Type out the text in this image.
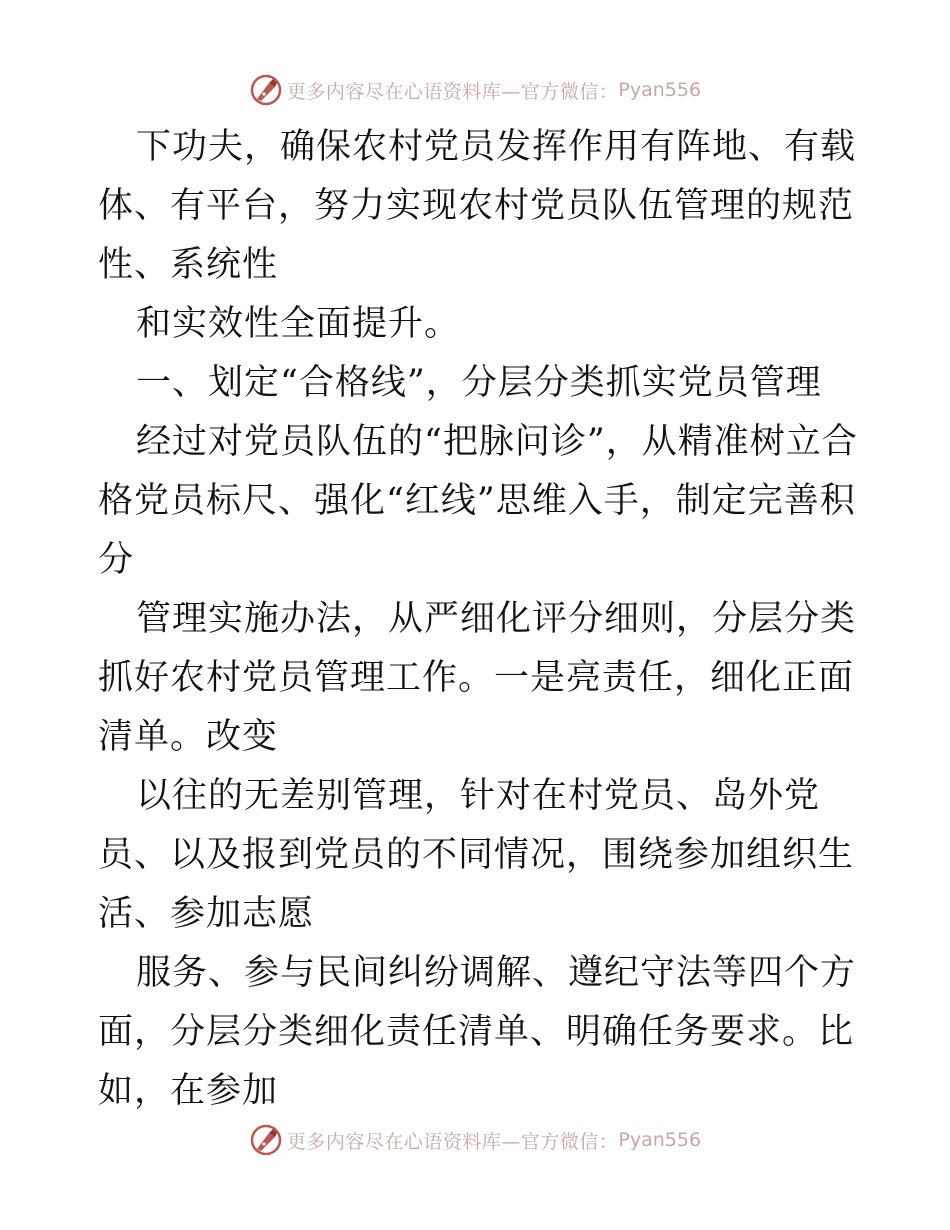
更多内容尽在心语资料库—官方微信： Pyan556

下功夫，确保农村党员发挥作用有阵地、有载体、有平台，努力实现农村党员队伍管理的规范性、系统性

和实效性全面提升。

一、划定“合格线”，分层分类抓实党员管理

经过对党员队伍的“把脉问诊”，从精准树立合格党员标尺、强化“红线”思维入手，制定完善积分

管理实施办法，从严细化评分细则，分层分类抓好农村党员管理工作。一是亮责任，细化正面清单。改变

以往的无差别管理，针对在村党员、岛外党员、以及报到党员的不同情况，围绕参加组织生活、参加志愿

服务、参与民间纠纷调解、遵纪守法等四个方面，分层分类细化责任清单、明确任务要求。比如，在参加

更多内容尽在心语资料库—官方微信： Pyan556
